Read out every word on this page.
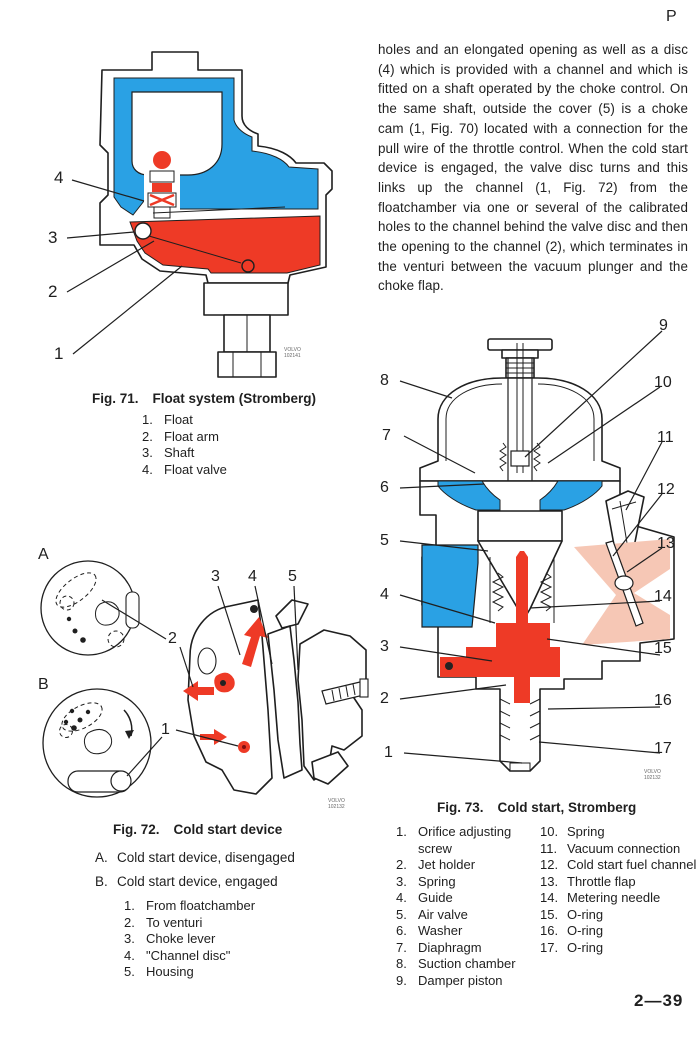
P
VOLVO
102141
4
3
2
1
Fig. 71. Float system (Stromberg)
1. Float
2. Float arm
3. Shaft
4. Float valve
holes and an elongated opening as well as a disc (4) which is provided with a channel and which is fitted on a shaft operated by the choke control. On the same shaft, outside the cover (5) is a choke cam (1, Fig. 70) located with a connection for the pull wire of the throttle control. When the cold start device is engaged, the valve disc turns and this links up the channel (1, Fig. 72) from the floatchamber via one or several of the calibrated holes to the channel behind the valve disc and then the opening to the channel (2), which terminates in the venturi between the vacuum plunger and the choke flap.
VOLVO
102132
8
7
6
5
4
3
2
1
9
10
11
12
13
14
15
16
17
Fig. 73. Cold start, Stromberg
1. Orifice adjusting screw
2. Jet holder
3. Spring
4. Guide
5. Air valve
6. Washer
7. Diaphragm
8. Suction chamber
9. Damper piston
10. Spring
11. Vacuum connection
12. Cold start fuel channel
13. Throttle flap
14. Metering needle
15. O-ring
16. O-ring
17. O-ring
VOLVO
102132
A
B
2
1
3 4 5
Fig. 72. Cold start device
A. Cold start device, disengaged
B. Cold start device, engaged
1. From floatchamber
2. To venturi
3. Choke lever
4. "Channel disc"
5. Housing
2—39
